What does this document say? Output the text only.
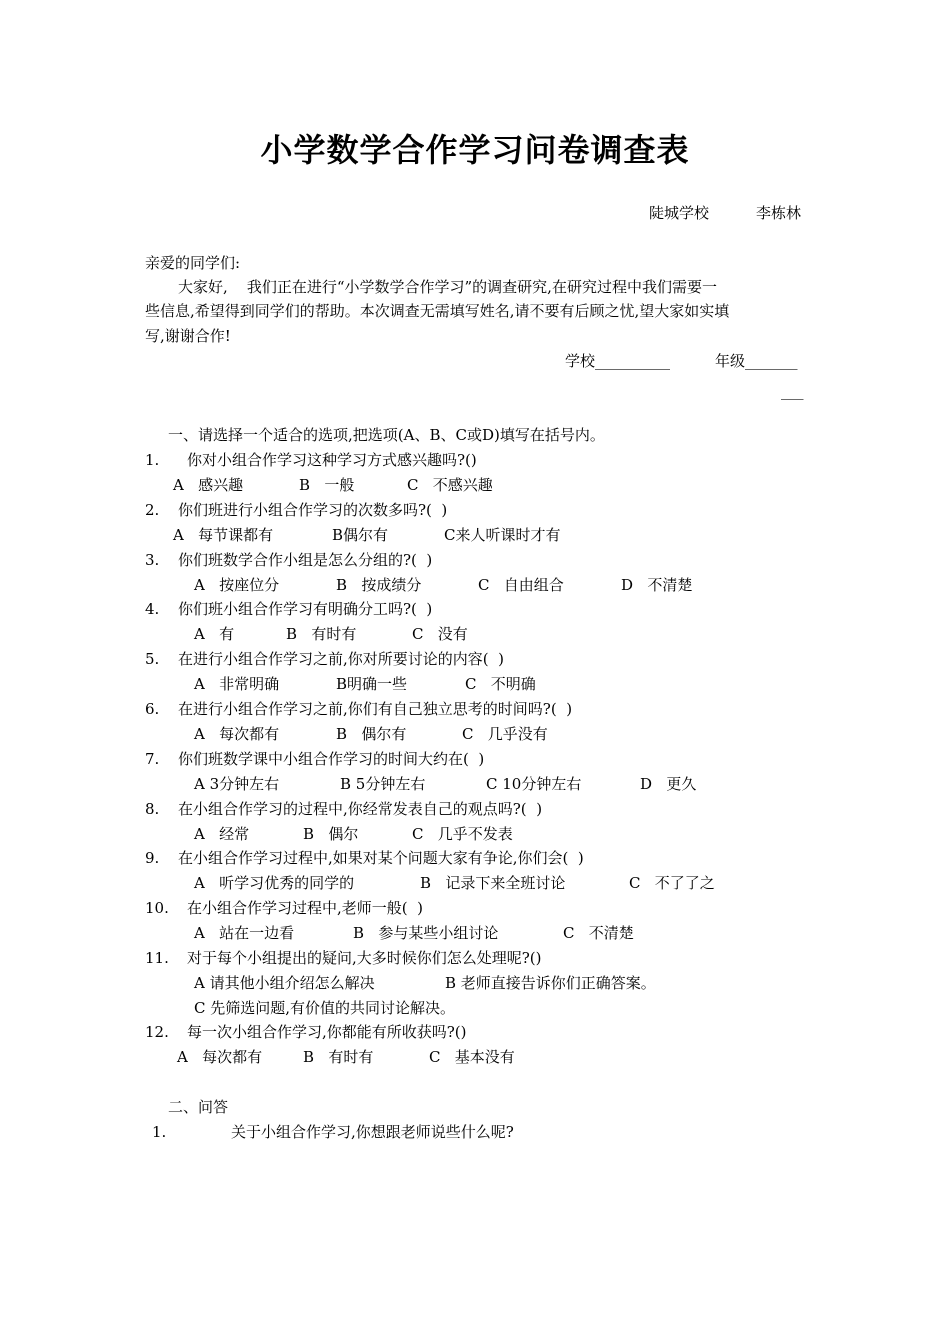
小学数学合作学习问卷调查表
陡城学校	李栋林
亲爱的同学们:
大家好,    我们正在进行“小学数学合作学习”的调查研究,在研究过程中我们需要一
些信息,希望得到同学们的帮助。本次调查无需填写姓名,请不要有后顾之忧,望大家如实填
写,谢谢合作!
学校__________	年级_______
___
一、请选择一个适合的选项,把选项(A、B、C或D)填写在括号内。
1. 你对小组合作学习这种学习方式感兴趣吗?()
A   感兴趣	B   一般	C   不感兴趣
2. 你们班进行小组合作学习的次数多吗?(  )
A   每节课都有	B偶尔有	C来人听课时才有
3. 你们班数学合作小组是怎么分组的?(  )
A   按座位分	B   按成绩分	C   自由组合	D   不清楚
4. 你们班小组合作学习有明确分工吗?(  )
A   有	B   有时有	C   没有
5. 在进行小组合作学习之前,你对所要讨论的内容(  )
A   非常明确	B明确一些	C   不明确
6. 在进行小组合作学习之前,你们有自己独立思考的时间吗?(  )
A   每次都有	B   偶尔有	C   几乎没有
7. 你们班数学课中小组合作学习的时间大约在(  )
A 3分钟左右	B 5分钟左右	C 10分钟左右	D   更久
8. 在小组合作学习的过程中,你经常发表自己的观点吗?(  )
A   经常	B   偶尔	C   几乎不发表
9. 在小组合作学习过程中,如果对某个问题大家有争论,你们会(  )
A   听学习优秀的同学的	B   记录下来全班讨论	C   不了了之
10. 在小组合作学习过程中,老师一般(  )
A   站在一边看	B   参与某些小组讨论	C   不清楚
11. 对于每个小组提出的疑问,大多时候你们怎么处理呢?()
A 请其他小组介绍怎么解决	B 老师直接告诉你们正确答案。
C 先筛选问题,有价值的共同讨论解决。
12. 每一次小组合作学习,你都能有所收获吗?()
A   每次都有	B   有时有	C   基本没有
二、问答
1.	关于小组合作学习,你想跟老师说些什么呢?
